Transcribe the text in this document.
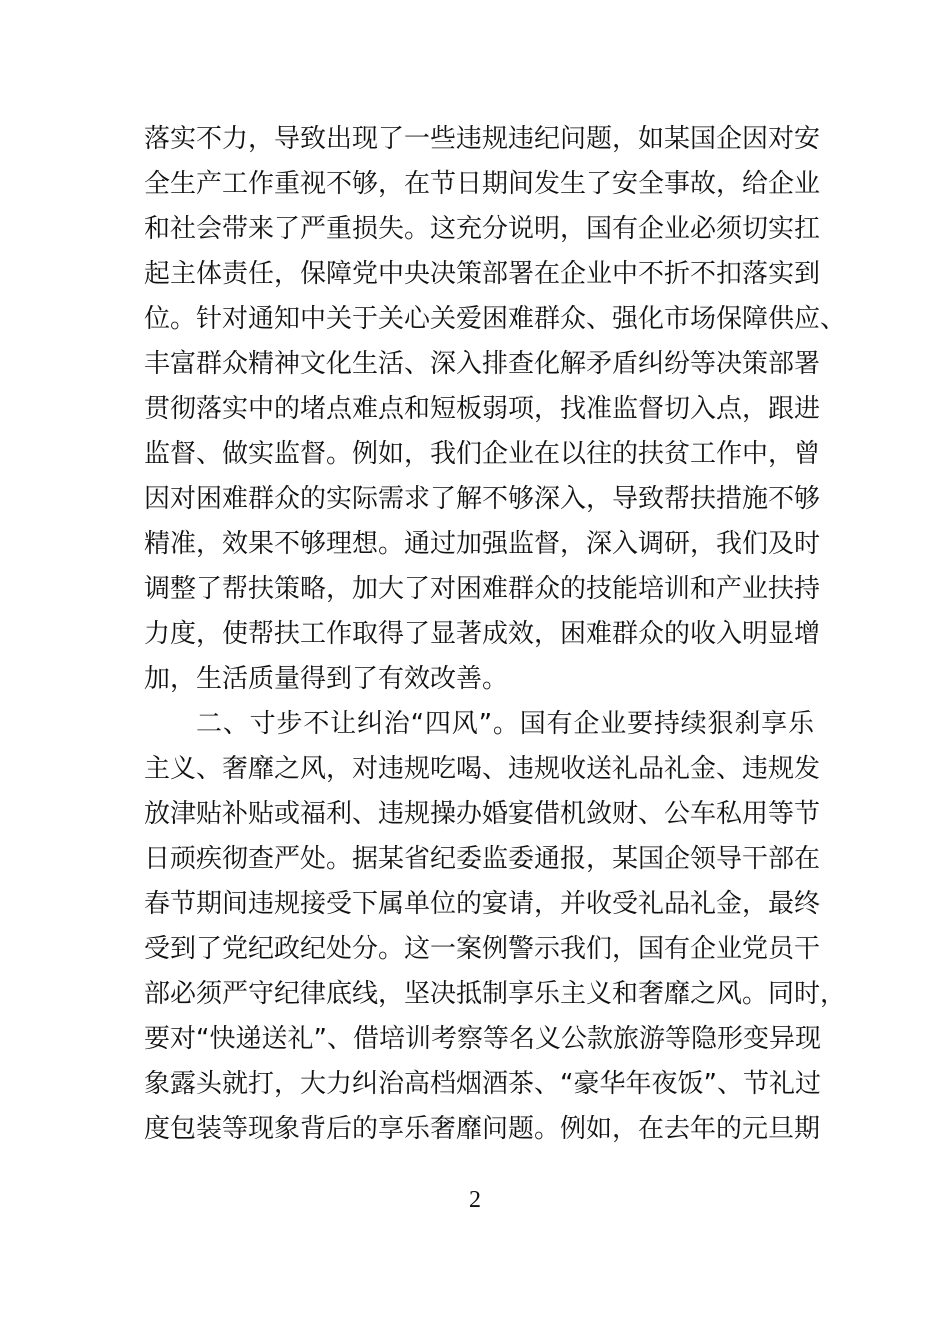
落实不力，导致出现了一些违规违纪问题，如某国企因对安
全生产工作重视不够，在节日期间发生了安全事故，给企业
和社会带来了严重损失。这充分说明，国有企业必须切实扛
起主体责任，保障党中央决策部署在企业中不折不扣落实到
位。针对通知中关于关心关爱困难群众、强化市场保障供应、
丰富群众精神文化生活、深入排查化解矛盾纠纷等决策部署
贯彻落实中的堵点难点和短板弱项，找准监督切入点，跟进
监督、做实监督。例如，我们企业在以往的扶贫工作中，曾
因对困难群众的实际需求了解不够深入，导致帮扶措施不够
精准，效果不够理想。通过加强监督，深入调研，我们及时
调整了帮扶策略，加大了对困难群众的技能培训和产业扶持
力度，使帮扶工作取得了显著成效，困难群众的收入明显增
加，生活质量得到了有效改善。
二、寸步不让纠治“四风”。国有企业要持续狠刹享乐
主义、奢靡之风，对违规吃喝、违规收送礼品礼金、违规发
放津贴补贴或福利、违规操办婚宴借机敛财、公车私用等节
日顽疾彻查严处。据某省纪委监委通报，某国企领导干部在
春节期间违规接受下属单位的宴请，并收受礼品礼金，最终
受到了党纪政纪处分。这一案例警示我们，国有企业党员干
部必须严守纪律底线，坚决抵制享乐主义和奢靡之风。同时，
要对“快递送礼”、借培训考察等名义公款旅游等隐形变异现
象露头就打，大力纠治高档烟酒茶、“豪华年夜饭”、节礼过
度包装等现象背后的享乐奢靡问题。例如，在去年的元旦期
2
